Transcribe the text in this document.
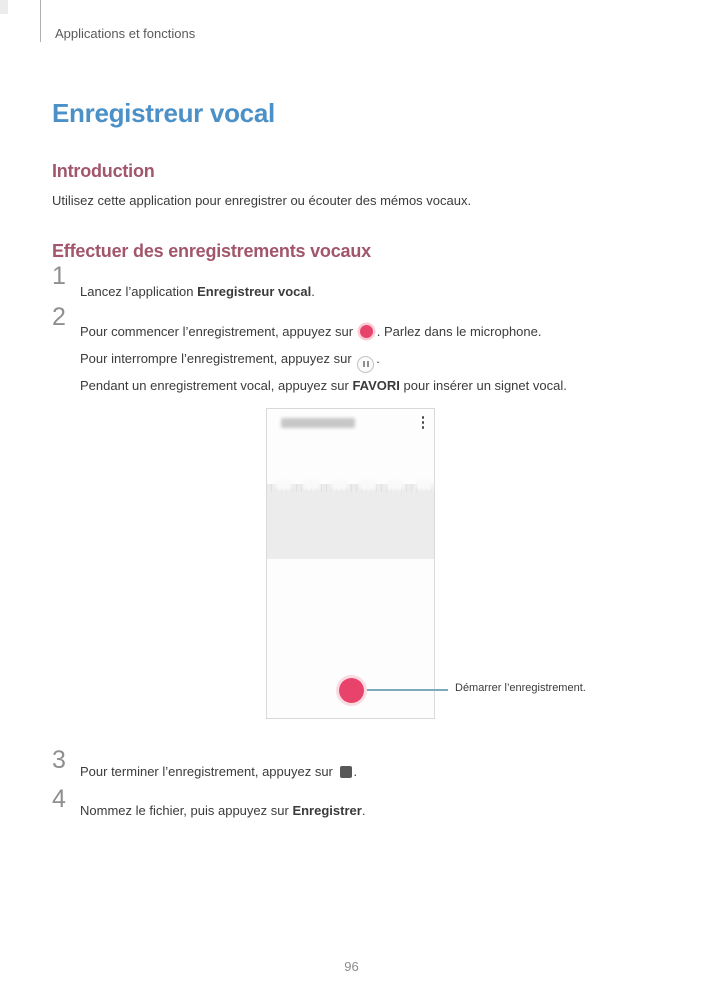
Applications et fonctions
Enregistreur vocal
Introduction

Utilisez cette application pour enregistrer ou écouter des mémos vocaux.

Effectuer des enregistrements vocaux
1

Lancez l’application Enregistreur vocal.

2

Pour commencer l’enregistrement, appuyez sur . Parlez dans le microphone.

Pour interrompre l’enregistrement, appuyez sur
.

Pendant un enregistrement vocal, appuyez sur FAVORI pour insérer un signet vocal.

Démarrer l’enregistrement.
3 Pour terminer l’enregistrement, appuyez sur .

4 Nommez le fichier, puis appuyez sur Enregistrer.

96
